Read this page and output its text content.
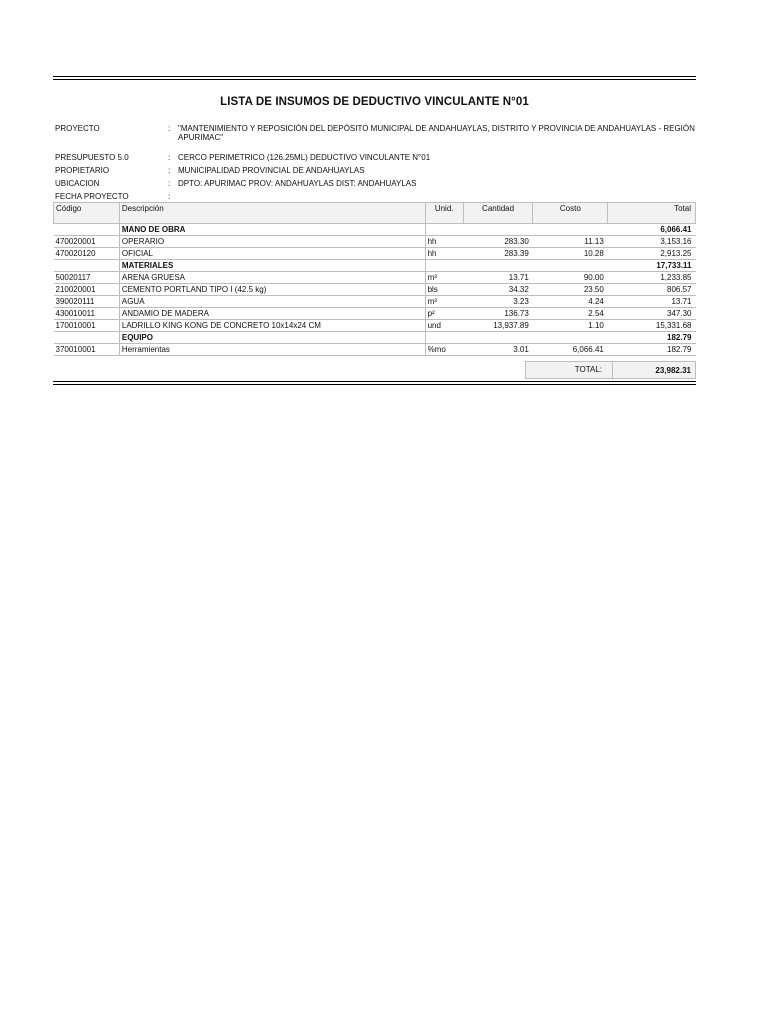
LISTA DE INSUMOS DE DEDUCTIVO VINCULANTE N°01
PROYECTO	: "MANTENIMIENTO Y REPOSICIÓN DEL DEPÓSITO MUNICIPAL DE ANDAHUAYLAS, DISTRITO Y PROVINCIA DE ANDAHUAYLAS - REGIÓN APURIMAC"
PRESUPUESTO 5.0	: CERCO PERIMETRICO (126.25ML) DEDUCTIVO VINCULANTE N°01
PROPIETARIO	: MUNICIPALIDAD PROVINCIAL DE ANDAHUAYLAS
UBICACION	: DPTO: APURIMAC PROV: ANDAHUAYLAS DIST: ANDAHUAYLAS
FECHA PROYECTO	:
Código	Descripción	Unid.	Cantidad	Costo	Total
	MANO DE OBRA				6,066.41
470020001	OPERARIO	hh	283.30	11.13	3,153.16
470020120	OFICIAL	hh	283.39	10.28	2,913.25
	MATERIALES				17,733.11
50020117	ARENA GRUESA	m³	13.71	90.00	1,233.85
210020001	CEMENTO PORTLAND TIPO I (42.5 kg)	bls	34.32	23.50	806.57
390020111	AGUA	m³	3.23	4.24	13.71
430010011	ANDAMIO DE MADERA	p²	136.73	2.54	347.30
170010001	LADRILLO KING KONG DE CONCRETO 10x14x24 CM	und	13,937.89	1.10	15,331.68
	EQUIPO				182.79
370010001	Herramientas	%mo	3.01	6,066.41	182.79
TOTAL:	23,982.31
